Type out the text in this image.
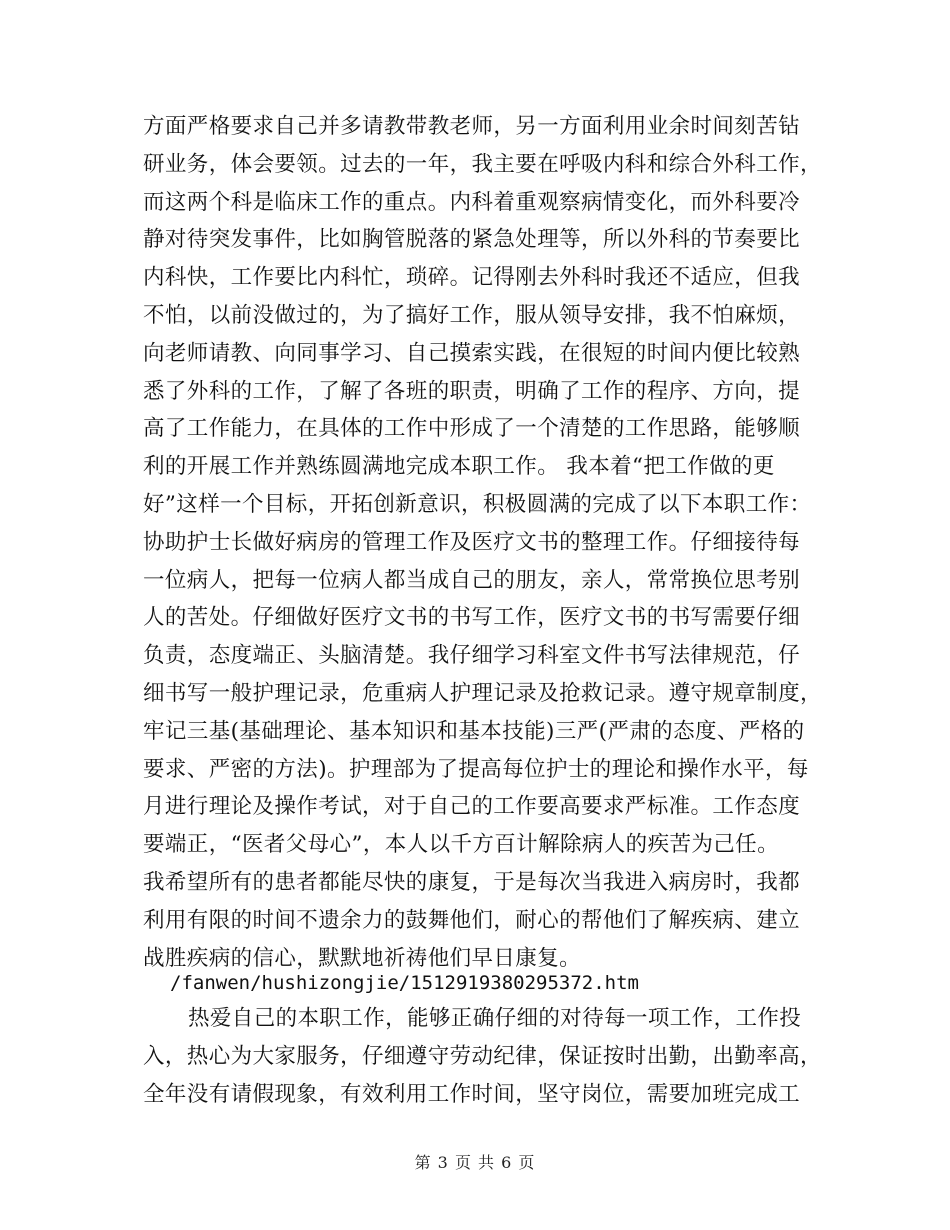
方面严格要求自己并多请教带教老师，另一方面利用业余时间刻苦钻
研业务，体会要领。过去的一年，我主要在呼吸内科和综合外科工作，
而这两个科是临床工作的重点。内科着重观察病情变化，而外科要冷
静对待突发事件，比如胸管脱落的紧急处理等，所以外科的节奏要比
内科快，工作要比内科忙，琐碎。记得刚去外科时我还不适应，但我
不怕，以前没做过的，为了搞好工作，服从领导安排，我不怕麻烦，
向老师请教、向同事学习、自己摸索实践，在很短的时间内便比较熟
悉了外科的工作，了解了各班的职责，明确了工作的程序、方向，提
高了工作能力，在具体的工作中形成了一个清楚的工作思路，能够顺
利的开展工作并熟练圆满地完成本职工作。 我本着“把工作做的更
好”这样一个目标，开拓创新意识，积极圆满的完成了以下本职工作：
协助护士长做好病房的管理工作及医疗文书的整理工作。仔细接待每
一位病人，把每一位病人都当成自己的朋友，亲人，常常换位思考别
人的苦处。仔细做好医疗文书的书写工作，医疗文书的书写需要仔细
负责，态度端正、头脑清楚。我仔细学习科室文件书写法律规范，仔
细书写一般护理记录，危重病人护理记录及抢救记录。遵守规章制度，
牢记三基(基础理论、基本知识和基本技能)三严(严肃的态度、严格的
要求、严密的方法)。护理部为了提高每位护士的理论和操作水平，每
月进行理论及操作考试，对于自己的工作要高要求严标准。工作态度
要端正，“医者父母心”，本人以千方百计解除病人的疾苦为己任。
我希望所有的患者都能尽快的康复，于是每次当我进入病房时，我都
利用有限的时间不遗余力的鼓舞他们，耐心的帮他们了解疾病、建立
战胜疾病的信心，默默地祈祷他们早日康复。
/fanwen/hushizongjie/1512919380295372.htm
热爱自己的本职工作，能够正确仔细的对待每一项工作，工作投
入，热心为大家服务，仔细遵守劳动纪律，保证按时出勤，出勤率高，
全年没有请假现象，有效利用工作时间，坚守岗位，需要加班完成工
第 3 页 共 6 页
